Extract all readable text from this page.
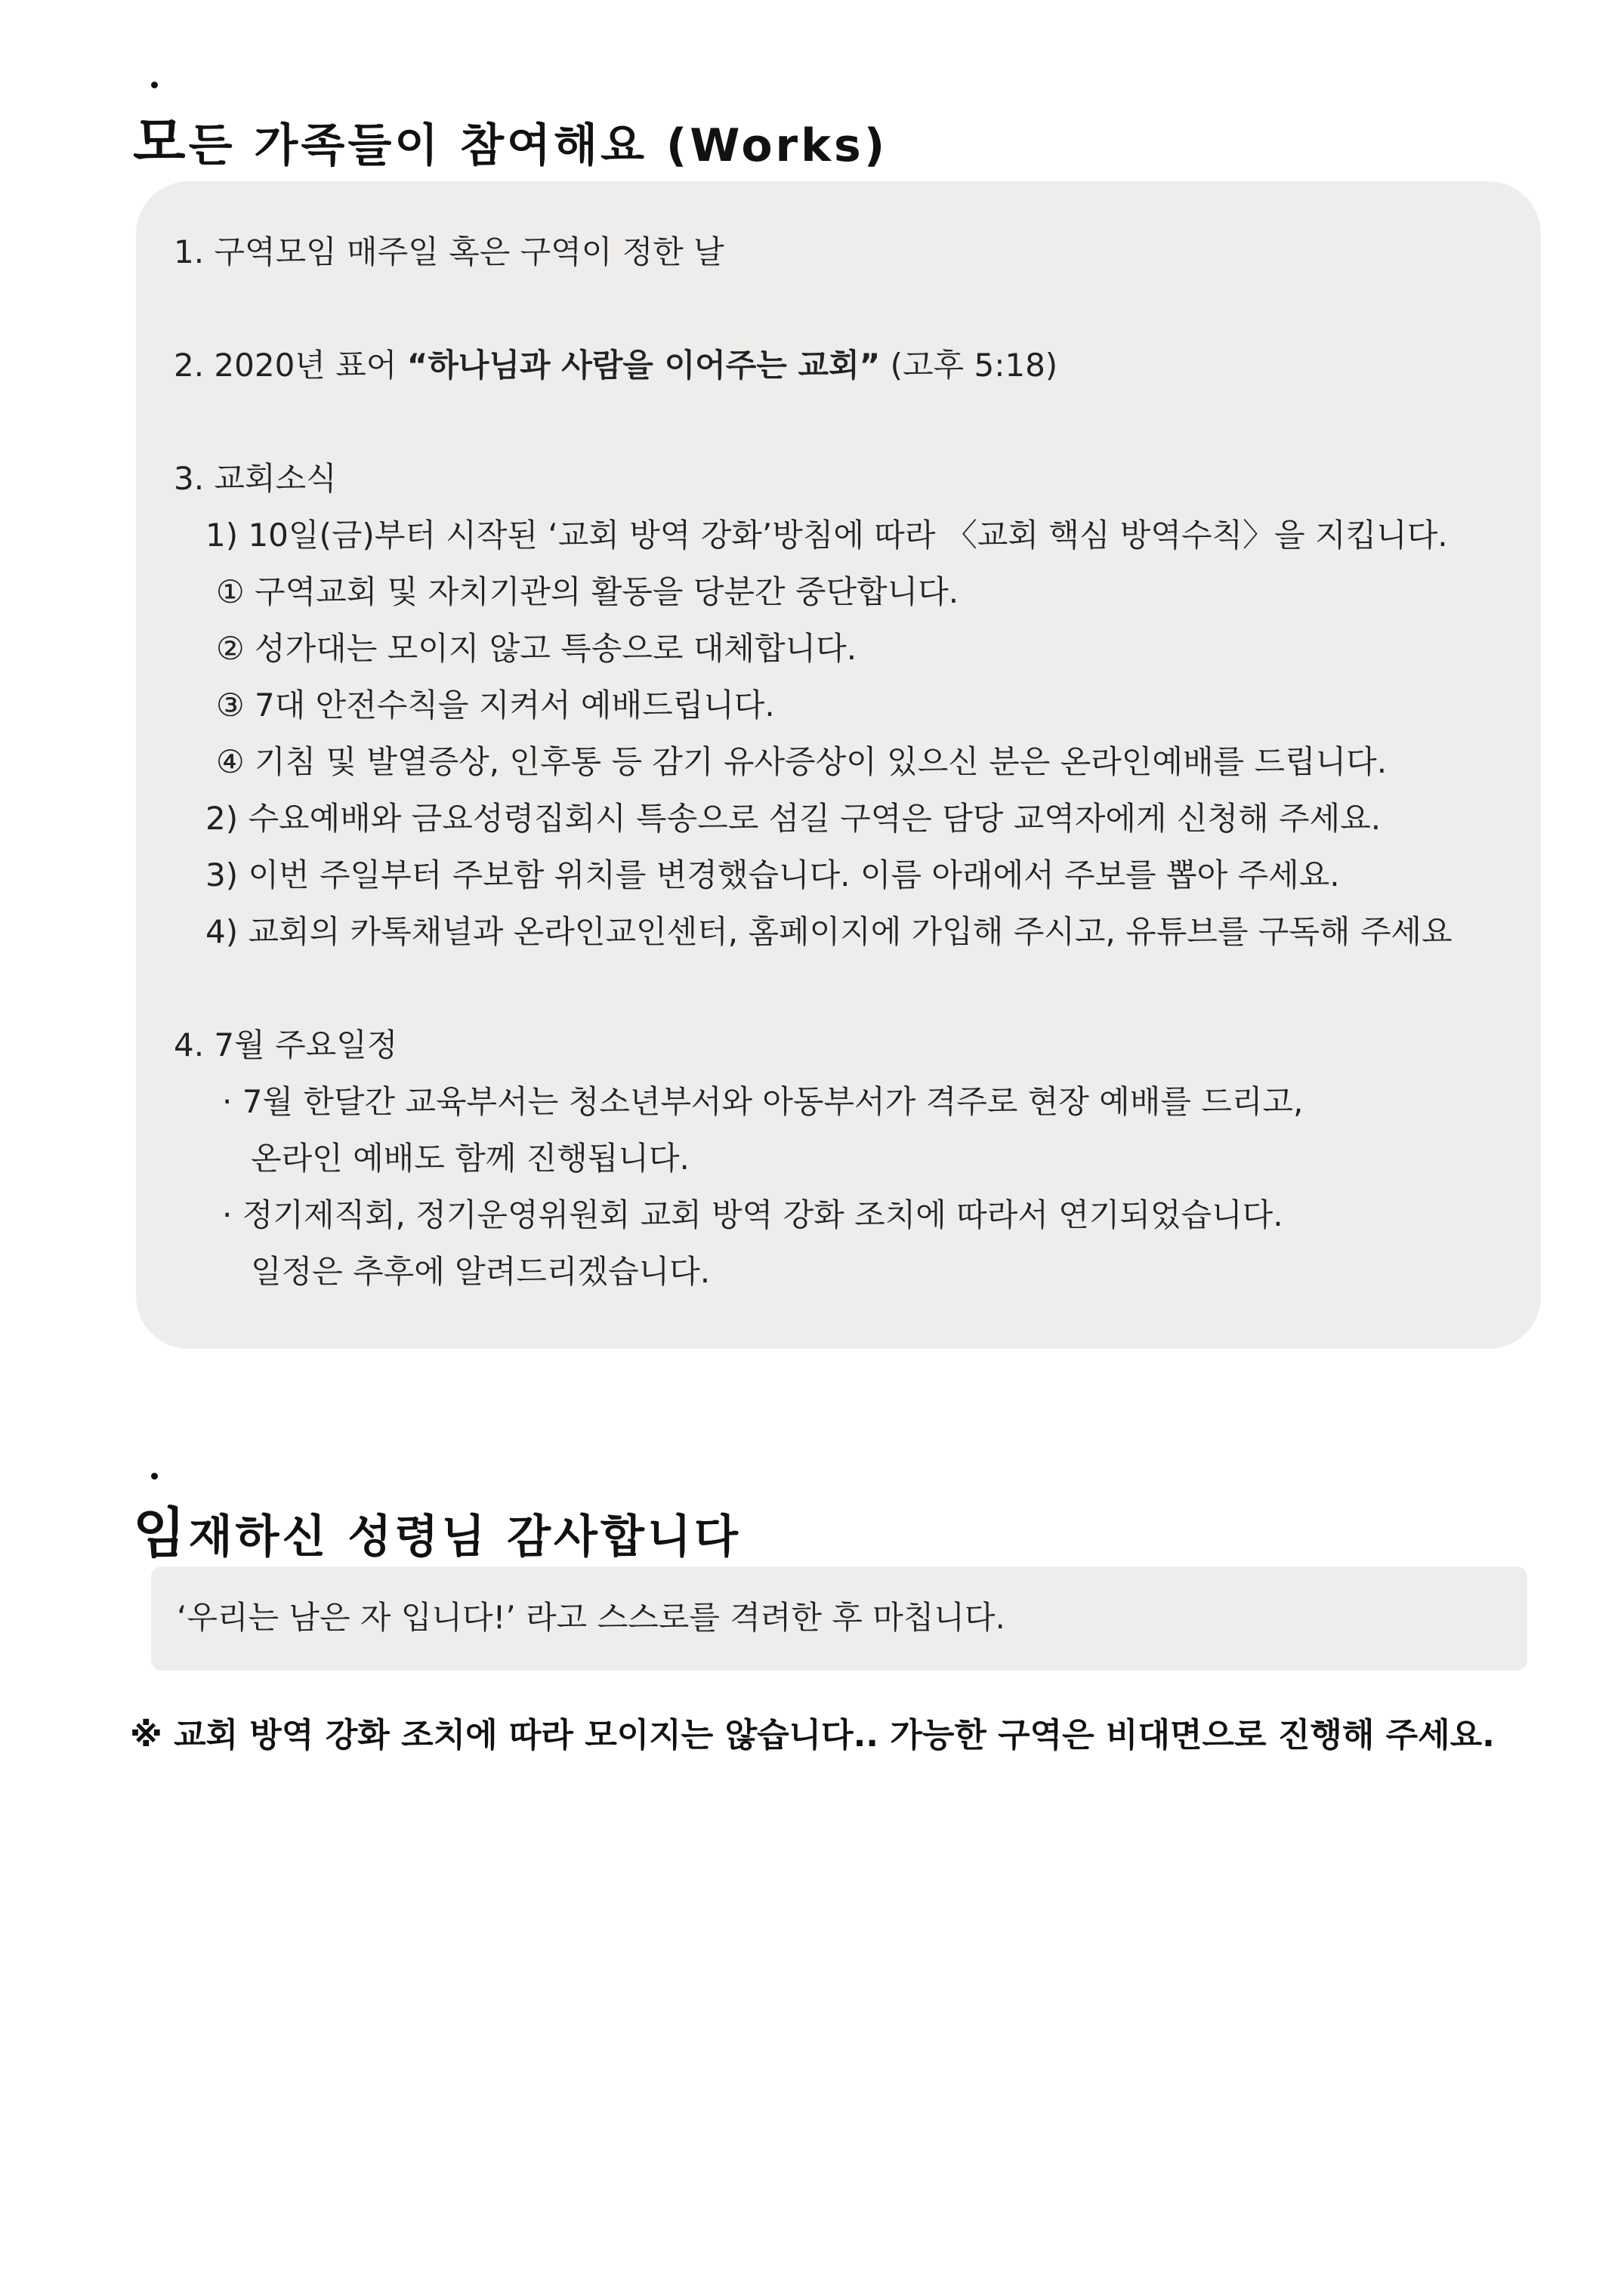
모든 가족들이 참여해요 (Works)
1. 구역모임 매주일 혹은 구역이 정한 날
2. 2020년 표어 “하나님과 사람을 이어주는 교회” (고후 5:18)
3. 교회소식
1) 10일(금)부터 시작된 ‘교회 방역 강화’방침에 따라 〈교회 핵심 방역수칙〉을 지킵니다.
① 구역교회 및 자치기관의 활동을 당분간 중단합니다.
② 성가대는 모이지 않고 특송으로 대체합니다.
③ 7대 안전수칙을 지켜서 예배드립니다.
④ 기침 및 발열증상, 인후통 등 감기 유사증상이 있으신 분은 온라인예배를 드립니다.
2) 수요예배와 금요성령집회시 특송으로 섬길 구역은 담당 교역자에게 신청해 주세요.
3) 이번 주일부터 주보함 위치를 변경했습니다. 이름 아래에서 주보를 뽑아 주세요.
4) 교회의 카톡채널과 온라인교인센터, 홈페이지에 가입해 주시고, 유튜브를 구독해 주세요
4. 7월 주요일정
· 7월 한달간 교육부서는 청소년부서와 아동부서가 격주로 현장 예배를 드리고,
온라인 예배도 함께 진행됩니다.
· 정기제직회, 정기운영위원회 교회 방역 강화 조치에 따라서 연기되었습니다.
일정은 추후에 알려드리겠습니다.
임재하신 성령님 감사합니다
‘우리는 남은 자 입니다!’ 라고 스스로를 격려한 후 마칩니다.
※ 교회 방역 강화 조치에 따라 모이지는 않습니다.. 가능한 구역은 비대면으로 진행해 주세요.
